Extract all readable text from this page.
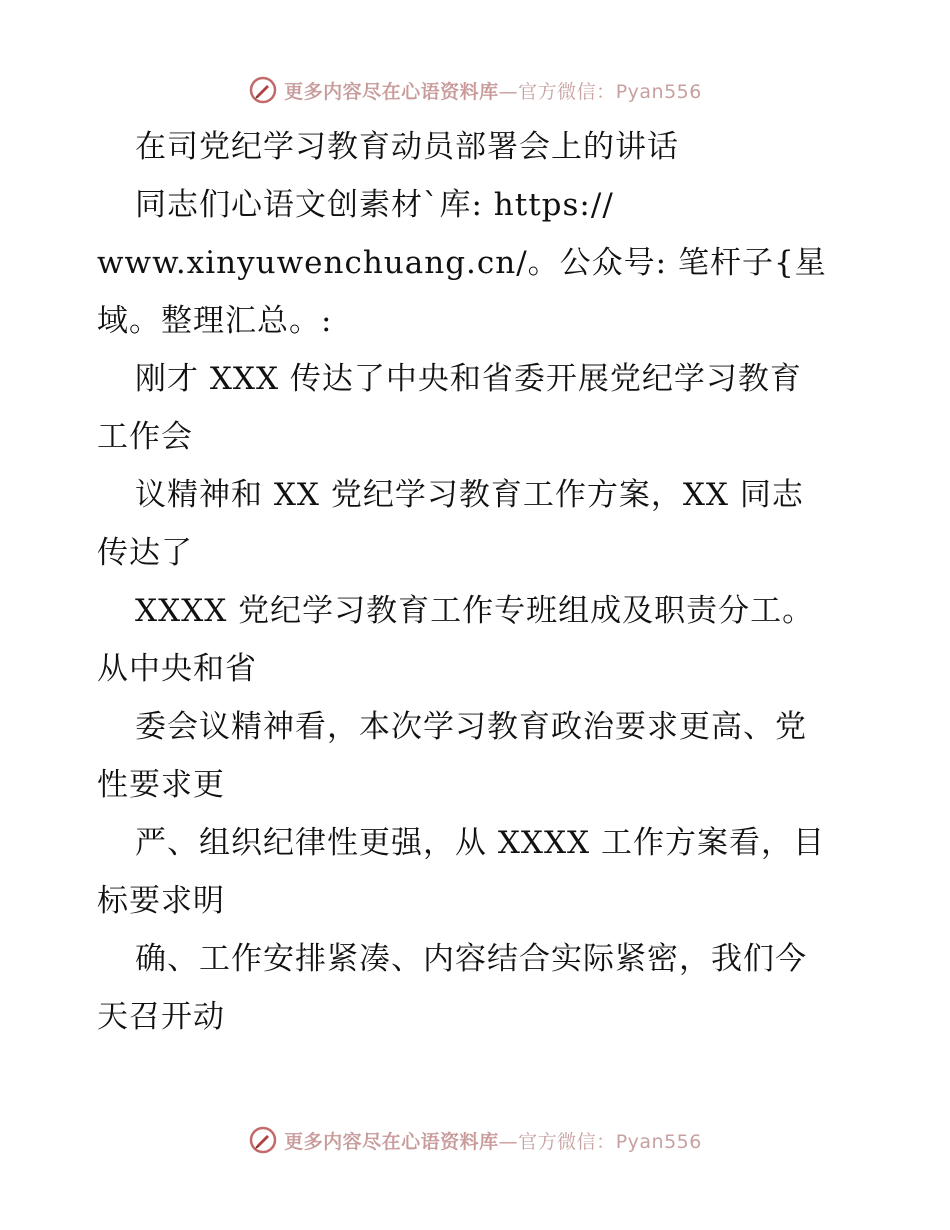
更多内容尽在心语资料库—官方微信：Pyan556
在司党纪学习教育动员部署会上的讲话
同志们心语文创素材`库: https://
www.xinyuwenchuang.cn/。公众号: 笔杆子{星
域。整理汇总。:
刚才 XXX 传达了中央和省委开展党纪学习教育
工作会
议精神和 XX 党纪学习教育工作方案，XX 同志
传达了
XXXX 党纪学习教育工作专班组成及职责分工。
从中央和省
委会议精神看，本次学习教育政治要求更高、党
性要求更
严、组织纪律性更强，从 XXXX 工作方案看，目
标要求明
确、工作安排紧凑、内容结合实际紧密，我们今
天召开动
更多内容尽在心语资料库—官方微信：Pyan556
